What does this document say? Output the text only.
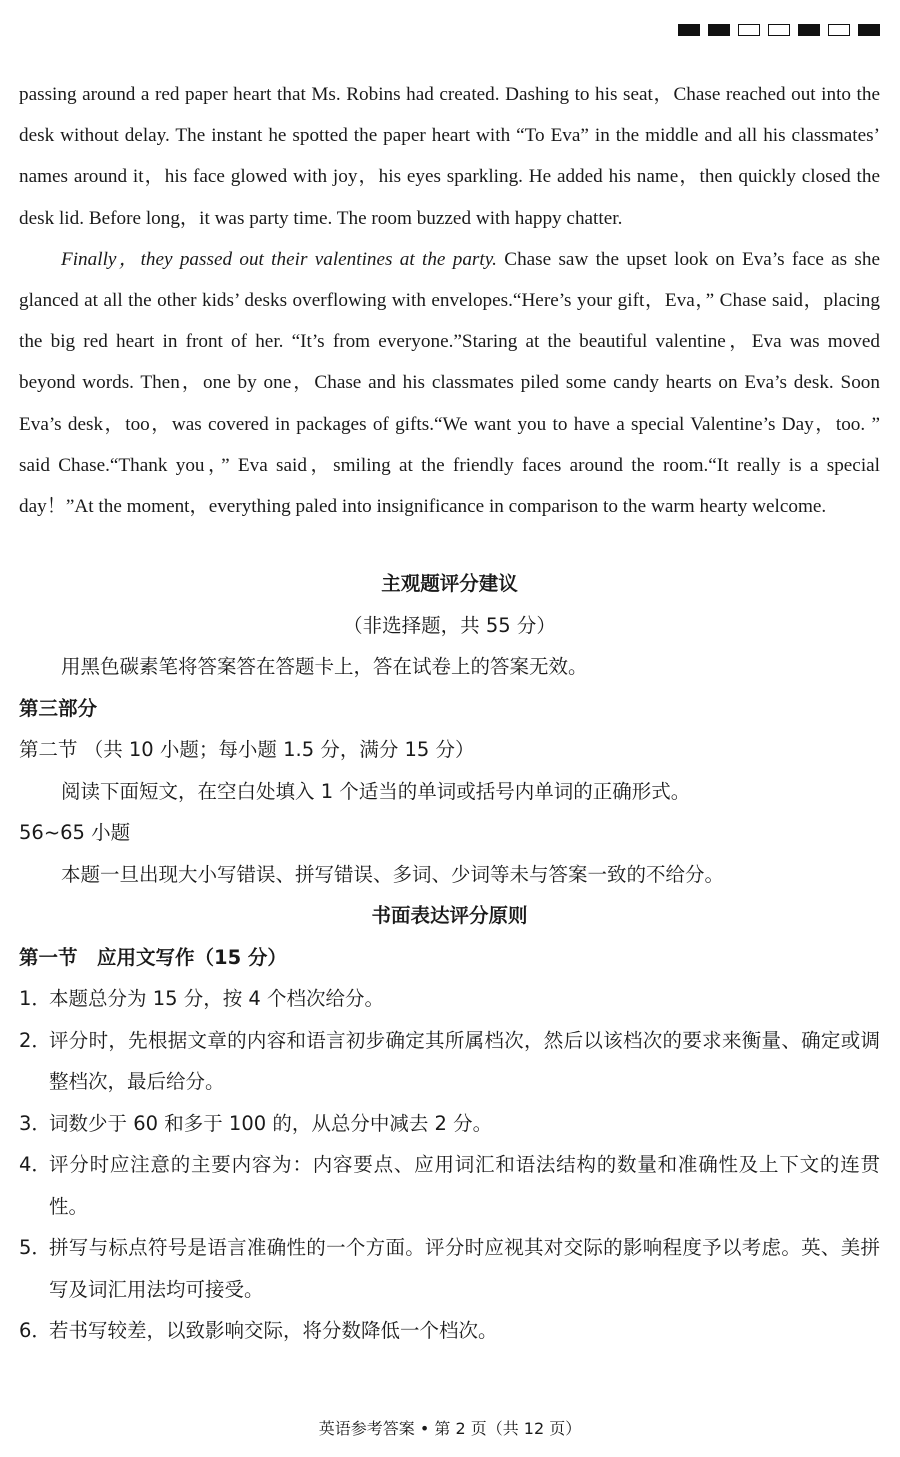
passing around a red paper heart that Ms. Robins had created. Dashing to his seat，Chase reached out into the desk without delay. The instant he spotted the paper heart with “To Eva” in the middle and all his classmates’ names around it，his face glowed with joy，his eyes sparkling. He added his name，then quickly closed the desk lid. Before long，it was party time. The room buzzed with happy chatter.

Finally，they passed out their valentines at the party. Chase saw the upset look on Eva’s face as she glanced at all the other kids’ desks overflowing with envelopes.“Here’s your gift，Eva，” Chase said，placing the big red heart in front of her. “It’s from everyone.”Staring at the beautiful valentine，Eva was moved beyond words. Then，one by one，Chase and his classmates piled some candy hearts on Eva’s desk. Soon Eva’s desk，too，was covered in packages of gifts.“We want you to have a special Valentine’s Day，too. ” said Chase.“Thank you，” Eva said，smiling at the friendly faces around the room.“It really is a special day！”At the moment，everything paled into insignificance in comparison to the warm hearty welcome.

主观题评分建议

（非选择题，共 55 分）

用黑色碳素笔将答案答在答题卡上，答在试卷上的答案无效。

第三部分

第二节 （共 10 小题；每小题 1.5 分，满分 15 分）

阅读下面短文，在空白处填入 1 个适当的单词或括号内单词的正确形式。

56~65 小题

本题一旦出现大小写错误、拼写错误、多词、少词等未与答案一致的不给分。

书面表达评分原则

第一节　应用文写作（15 分）

1．
本题总分为 15 分，按 4 个档次给分。
2．
评分时，先根据文章的内容和语言初步确定其所属档次，然后以该档次的要求来衡量、确定或调整档次，最后给分。
3．
词数少于 60 和多于 100 的，从总分中减去 2 分。
4．
评分时应注意的主要内容为：内容要点、应用词汇和语法结构的数量和准确性及上下文的连贯性。
5．
拼写与标点符号是语言准确性的一个方面。评分时应视其对交际的影响程度予以考虑。英、美拼写及词汇用法均可接受。
6．
若书写较差，以致影响交际，将分数降低一个档次。
英语参考答案 • 第 2 页（共 12 页）
